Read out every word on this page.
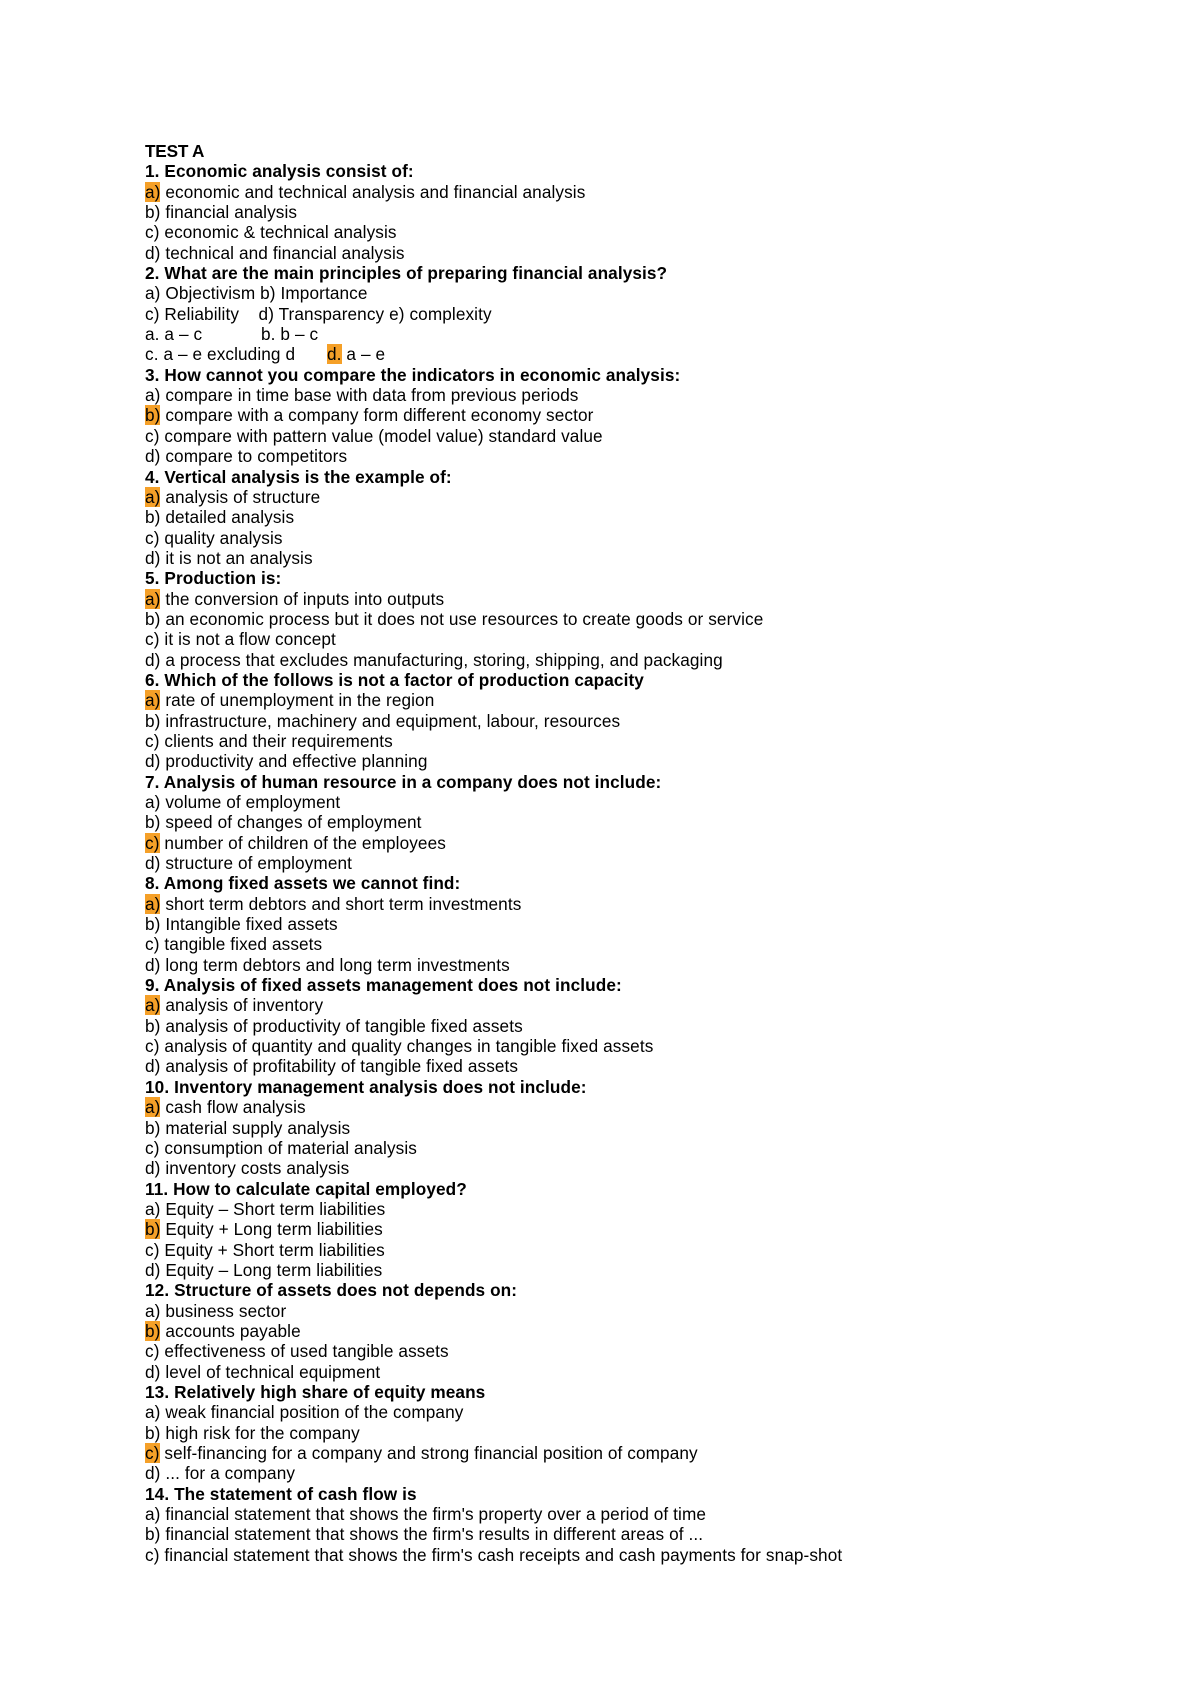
TEST A
1. Economic analysis consist of:
a) economic and technical analysis and financial analysis
b) financial analysis
c) economic & technical analysis
d) technical and financial analysis
2. What are the main principles of preparing financial analysis?
a) Objectivism b) Importance
c) Reliability    d) Transparency e) complexity
a. a – c	b. b – c
c. a – e excluding d d. a – e
3. How cannot you compare the indicators in economic analysis:
a) compare in time base with data from previous periods
b) compare with a company form different economy sector
c) compare with pattern value (model value) standard value
d) compare to competitors
4. Vertical analysis is the example of:
a) analysis of structure
b) detailed analysis
c) quality analysis
d) it is not an analysis
5. Production is:
a) the conversion of inputs into outputs
b) an economic process but it does not use resources to create goods or service
c) it is not a flow concept
d) a process that excludes manufacturing, storing, shipping, and packaging
6. Which of the follows is not a factor of production capacity
a) rate of unemployment in the region
b) infrastructure, machinery and equipment, labour, resources
c) clients and their requirements
d) productivity and effective planning
7. Analysis of human resource in a company does not include:
a) volume of employment
b) speed of changes of employment
c) number of children of the employees
d) structure of employment
8. Among fixed assets we cannot find:
a) short term debtors and short term investments
b) Intangible fixed assets
c) tangible fixed assets
d) long term debtors and long term investments
9. Analysis of fixed assets management does not include:
a) analysis of inventory
b) analysis of productivity of tangible fixed assets
c) analysis of quantity and quality changes in tangible fixed assets
d) analysis of profitability of tangible fixed assets
10. Inventory management analysis does not include:
a) cash flow analysis
b) material supply analysis
c) consumption of material analysis
d) inventory costs analysis
11. How to calculate capital employed?
a) Equity – Short term liabilities
b) Equity + Long term liabilities
c) Equity + Short term liabilities
d) Equity – Long term liabilities
12. Structure of assets does not depends on:
a) business sector
b) accounts payable
c) effectiveness of used tangible assets
d) level of technical equipment
13. Relatively high share of equity means
a) weak financial position of the company
b) high risk for the company
c) self-financing for a company and strong financial position of company
d) ... for a company
14. The statement of cash flow is
a) financial statement that shows the firm's property over a period of time
b) financial statement that shows the firm's results in different areas of ...
c) financial statement that shows the firm's cash receipts and cash payments for snap-shot
